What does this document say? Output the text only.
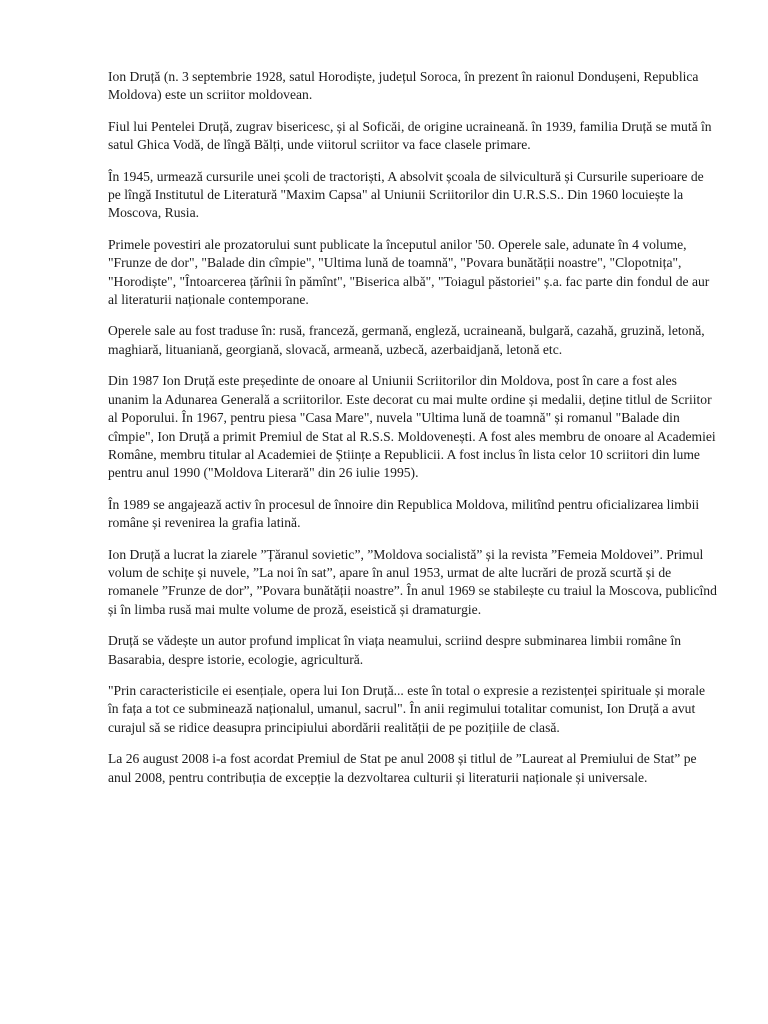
Ion Druță (n. 3 septembrie 1928, satul Horodiște, județul Soroca, în prezent în raionul Dondușeni, Republica Moldova) este un scriitor moldovean.

Fiul lui Pentelei Druță, zugrav bisericesc, și al Soficăi, de origine ucraineană. în 1939, familia Druță se mută în satul Ghica Vodă, de lîngă Bălți, unde viitorul scriitor va face clasele primare.

În 1945, urmează cursurile unei școli de tractoriști, A absolvit școala de silvicultură și Cursurile superioare de pe lîngă Institutul de Literatură "Maxim Capsa" al Uniunii Scriitorilor din U.R.S.S.. Din 1960 locuiește la Moscova, Rusia.

Primele povestiri ale prozatorului sunt publicate la începutul anilor '50. Operele sale, adunate în 4 volume, "Frunze de dor", "Balade din cîmpie", "Ultima lună de toamnă", "Povara bunătății noastre", "Clopotnița", "Horodiște", "Întoarcerea țărînii în pămînt", "Biserica albă", "Toiagul păstoriei" ș.a. fac parte din fondul de aur al literaturii naționale contemporane.

Operele sale au fost traduse în: rusă, franceză, germană, engleză, ucraineană, bulgară, cazahă, gruzină, letonă, maghiară, lituaniană, georgiană, slovacă, armeană, uzbecă, azerbaidjană, letonă etc.

Din 1987 Ion Druță este președinte de onoare al Uniunii Scriitorilor din Moldova, post în care a fost ales unanim la Adunarea Generală a scriitorilor. Este decorat cu mai multe ordine și medalii, deține titlul de Scriitor al Poporului. În 1967, pentru piesa "Casa Mare", nuvela "Ultima lună de toamnă" și romanul "Balade din cîmpie", Ion Druță a primit Premiul de Stat al R.S.S. Moldovenești. A fost ales membru de onoare al Academiei Române, membru titular al Academiei de Științe a Republicii. A fost inclus în lista celor 10 scriitori din lume pentru anul 1990 ("Moldova Literară" din 26 iulie 1995).

În 1989 se angajează activ în procesul de înnoire din Republica Moldova, militînd pentru oficializarea limbii române și revenirea la grafia latină.

Ion Druță a lucrat la ziarele ”Țăranul sovietic”, ”Moldova socialistă” și la revista ”Femeia Moldovei”. Primul volum de schițe și nuvele, ”La noi în sat”, apare în anul 1953, urmat de alte lucrări de proză scurtă și de romanele ”Frunze de dor”, ”Povara bunătății noastre”. În anul 1969 se stabilește cu traiul la Moscova, publicînd și în limba rusă mai multe volume de proză, eseistică și dramaturgie.

Druță se vădește un autor profund implicat în viața neamului, scriind despre subminarea limbii române în Basarabia, despre istorie, ecologie, agricultură.

"Prin caracteristicile ei esențiale, opera lui Ion Druță... este în total o expresie a rezistenței spirituale și morale în fața a tot ce subminează naționalul, umanul, sacrul". În anii regimului totalitar comunist, Ion Druță a avut curajul să se ridice deasupra principiului abordării realității de pe pozițiile de clasă.

La 26 august 2008 i-a fost acordat Premiul de Stat pe anul 2008 și titlul de ”Laureat al Premiului de Stat” pe anul 2008, pentru contribuția de excepție la dezvoltarea culturii și literaturii naționale și universale.
